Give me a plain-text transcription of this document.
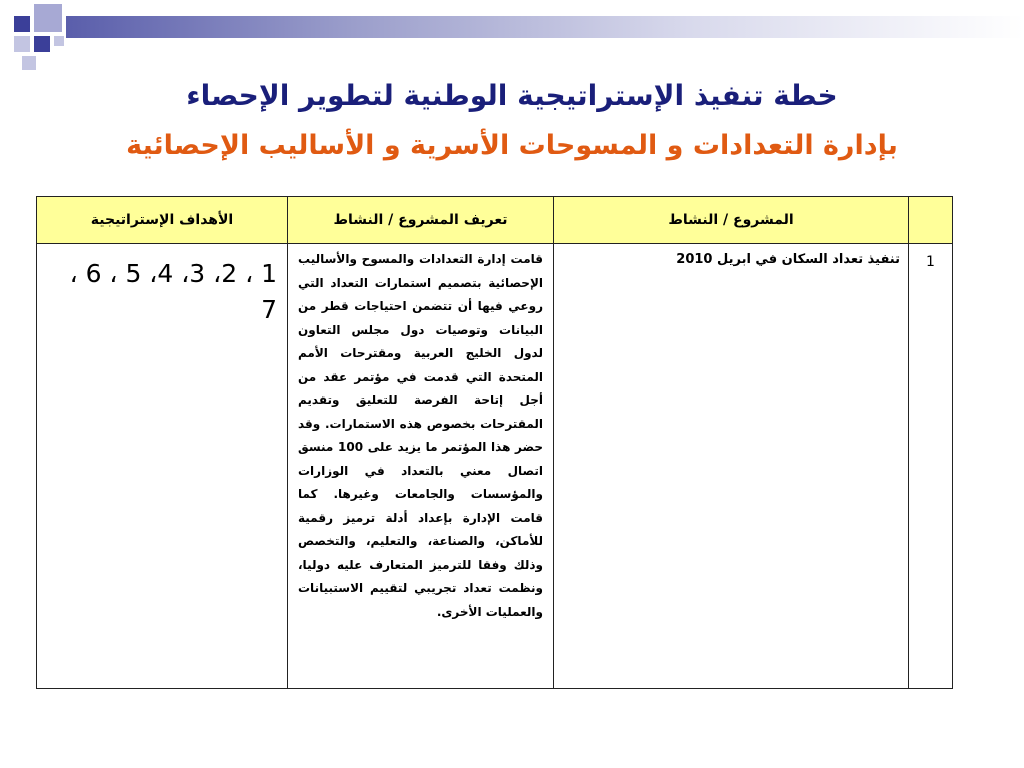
خطة تنفيذ الإستراتيجية الوطنية لتطوير الإحصاء
بإدارة التعدادات و المسوحات الأسرية و الأساليب الإحصائية
	المشروع / النشاط	تعريف المشروع / النشاط	الأهداف الإستراتيجية
1	تنفيذ تعداد السكان في ابريل 2010	قامت إدارة التعدادات والمسوح والأساليب الإحصائية بتصميم استمارات التعداد التي روعي فيها أن تتضمن احتياجات قطر من البيانات وتوصيات دول مجلس التعاون لدول الخليج العربية ومقترحات الأمم المتحدة التي قدمت في مؤتمر عقد من أجل إتاحة الفرصة للتعليق وتقديم المقترحات بخصوص هذه الاستمارات. وقد حضر هذا المؤتمر ما يزيد على 100 منسق اتصال معني بالتعداد في الوزارات والمؤسسات والجامعات وغيرها. كما قامت الإدارة بإعداد أدلة ترميز رقمية للأماكن، والصناعة، والتعليم، والتخصص وذلك وفقا للترميز المتعارف عليه دوليا، ونظمت تعداد تجريبي لتقييم الاستبيانات والعمليات الأخرى.	1 ، 2، 3، 4، 5 ، 6 ، 7
